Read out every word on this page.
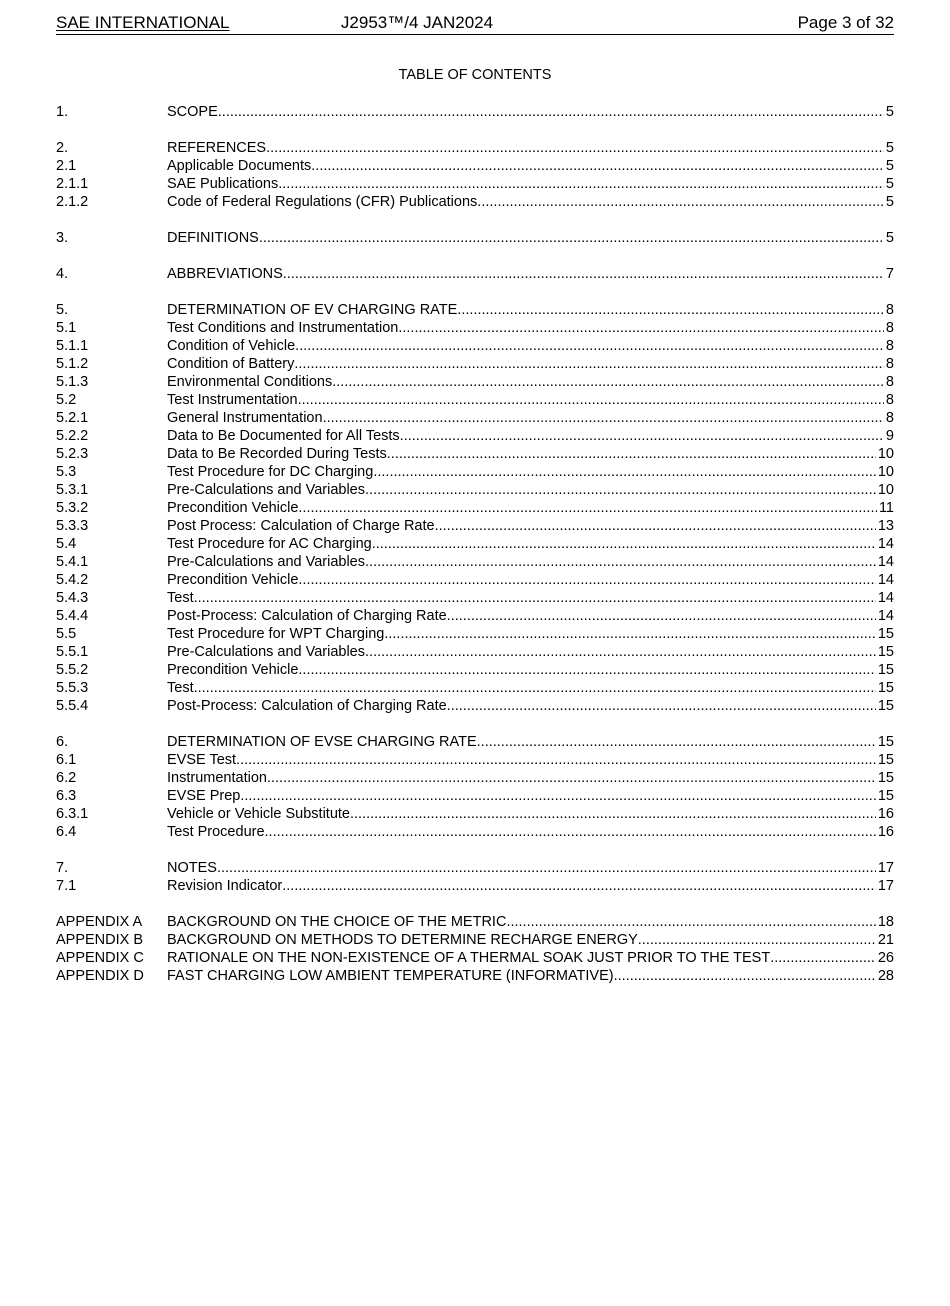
SAE INTERNATIONAL	J2953™/4 JAN2024	Page 3 of 32
TABLE OF CONTENTS
1.	SCOPE .....	5
2.	REFERENCES .....	5
2.1	Applicable Documents .....	5
2.1.1	SAE Publications .....	5
2.1.2	Code of Federal Regulations (CFR) Publications .....	5
3.	DEFINITIONS .....	5
4.	ABBREVIATIONS .....	7
5.	DETERMINATION OF EV CHARGING RATE .....	8
5.1	Test Conditions and Instrumentation .....	8
5.1.1	Condition of Vehicle .....	8
5.1.2	Condition of Battery .....	8
5.1.3	Environmental Conditions .....	8
5.2	Test Instrumentation .....	8
5.2.1	General Instrumentation .....	8
5.2.2	Data to Be Documented for All Tests .....	9
5.2.3	Data to Be Recorded During Tests .....	10
5.3	Test Procedure for DC Charging .....	10
5.3.1	Pre-Calculations and Variables .....	10
5.3.2	Precondition Vehicle .....	11
5.3.3	Post Process: Calculation of Charge Rate .....	13
5.4	Test Procedure for AC Charging .....	14
5.4.1	Pre-Calculations and Variables .....	14
5.4.2	Precondition Vehicle .....	14
5.4.3	Test .....	14
5.4.4	Post-Process: Calculation of Charging Rate .....	14
5.5	Test Procedure for WPT Charging .....	15
5.5.1	Pre-Calculations and Variables .....	15
5.5.2	Precondition Vehicle .....	15
5.5.3	Test .....	15
5.5.4	Post-Process: Calculation of Charging Rate .....	15
6.	DETERMINATION OF EVSE CHARGING RATE .....	15
6.1	EVSE Test .....	15
6.2	Instrumentation .....	15
6.3	EVSE Prep .....	15
6.3.1	Vehicle or Vehicle Substitute .....	16
6.4	Test Procedure .....	16
7.	NOTES .....	17
7.1	Revision Indicator .....	17
APPENDIX A	BACKGROUND ON THE CHOICE OF THE METRIC .....	18
APPENDIX B	BACKGROUND ON METHODS TO DETERMINE RECHARGE ENERGY .....	21
APPENDIX C	RATIONALE ON THE NON-EXISTENCE OF A THERMAL SOAK JUST PRIOR TO THE TEST .....	26
APPENDIX D	FAST CHARGING LOW AMBIENT TEMPERATURE (INFORMATIVE) .....	28
